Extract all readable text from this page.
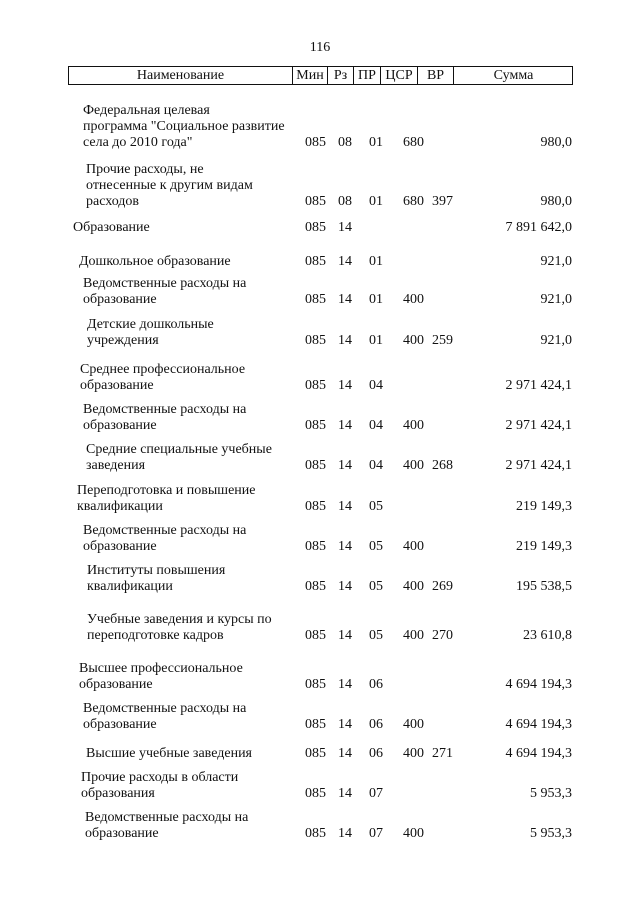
116
Наименование	Мин Рз ПР ЦСР	ВР	Сумма
Федеральная целевая
программа "Социальное развитие
села до 2010 года"	085 08 01 680	980,0
Прочие расходы, не
отнесенные к другим видам
расходов	085 08 01 680 397	980,0
Образование	085 14	7 891 642,0
Дошкольное образование	085 14 01	921,0
Ведомственные расходы на
образование	085 14 01 400	921,0
Детские дошкольные
учреждения	085 14 01 400 259	921,0
Среднее профессиональное
образование	085 14 04	2 971 424,1
Ведомственные расходы на
образование	085 14 04 400	2 971 424,1
Средние специальные учебные
заведения	085 14 04 400 268	2 971 424,1
Переподготовка и повышение
квалификации	085 14 05	219 149,3
Ведомственные расходы на
образование	085 14 05 400	219 149,3
Институты повышения
квалификации	085 14 05 400 269	195 538,5
Учебные заведения и курсы по
переподготовке кадров	085 14 05 400 270	23 610,8
Высшее профессиональное
образование	085 14 06	4 694 194,3
Ведомственные расходы на
образование	085 14 06 400	4 694 194,3
Высшие учебные заведения	085 14 06 400 271	4 694 194,3
Прочие расходы в области
образования	085 14 07	5 953,3
Ведомственные расходы на
образование	085 14 07 400	5 953,3
